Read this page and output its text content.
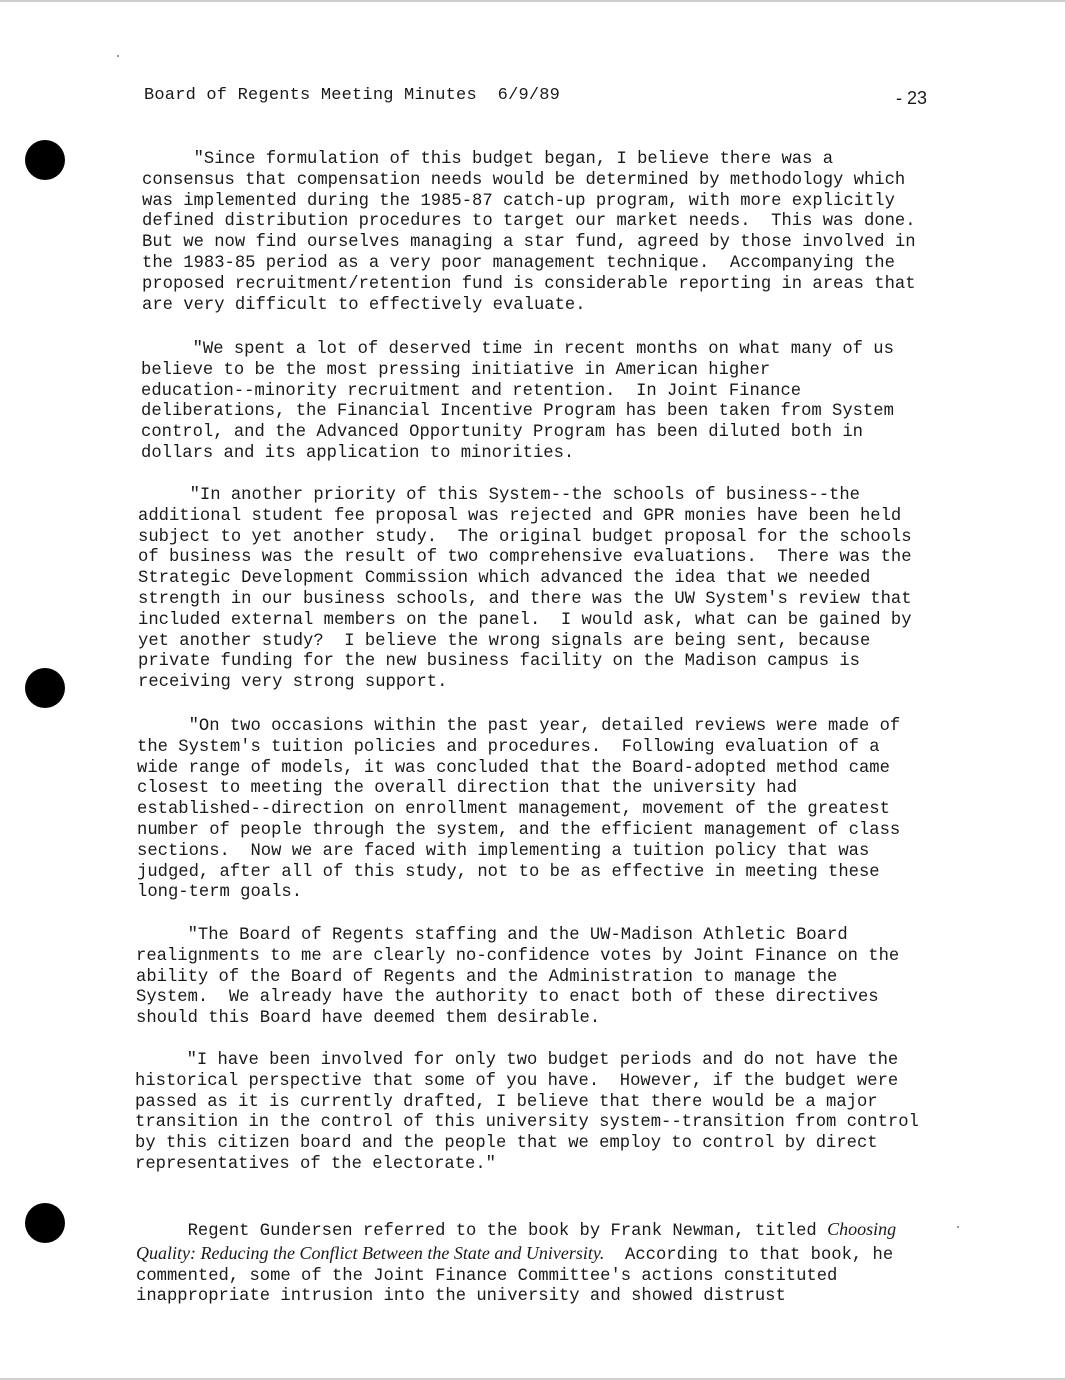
Board of Regents Meeting Minutes 6/9/89	- 23
"Since formulation of this budget began, I believe there was a
consensus that compensation needs would be determined by methodology which
was implemented during the 1985-87 catch-up program, with more explicitly
defined distribution procedures to target our market needs.  This was done.
But we now find ourselves managing a star fund, agreed by those involved in
the 1983-85 period as a very poor management technique.  Accompanying the
proposed recruitment/retention fund is considerable reporting in areas that
are very difficult to effectively evaluate.
"We spent a lot of deserved time in recent months on what many of us
believe to be the most pressing initiative in American higher
education--minority recruitment and retention.  In Joint Finance
deliberations, the Financial Incentive Program has been taken from System
control, and the Advanced Opportunity Program has been diluted both in
dollars and its application to minorities.
"In another priority of this System--the schools of business--the
additional student fee proposal was rejected and GPR monies have been held
subject to yet another study.  The original budget proposal for the schools
of business was the result of two comprehensive evaluations.  There was the
Strategic Development Commission which advanced the idea that we needed
strength in our business schools, and there was the UW System's review that
included external members on the panel.  I would ask, what can be gained by
yet another study?  I believe the wrong signals are being sent, because
private funding for the new business facility on the Madison campus is
receiving very strong support.
"On two occasions within the past year, detailed reviews were made of
the System's tuition policies and procedures.  Following evaluation of a
wide range of models, it was concluded that the Board-adopted method came
closest to meeting the overall direction that the university had
established--direction on enrollment management, movement of the greatest
number of people through the system, and the efficient management of class
sections.  Now we are faced with implementing a tuition policy that was
judged, after all of this study, not to be as effective in meeting these
long-term goals.
"The Board of Regents staffing and the UW-Madison Athletic Board
realignments to me are clearly no-confidence votes by Joint Finance on the
ability of the Board of Regents and the Administration to manage the
System.  We already have the authority to enact both of these directives
should this Board have deemed them desirable.
"I have been involved for only two budget periods and do not have the
historical perspective that some of you have.  However, if the budget were
passed as it is currently drafted, I believe that there would be a major
transition in the control of this university system--transition from control
by this citizen board and the people that we employ to control by direct
representatives of the electorate."
Regent Gundersen referred to the book by Frank Newman, titled Choosing
Quality: Reducing the Conflict Between the State and University.  According to that book, he
commented, some of the Joint Finance Committee's actions constituted
inappropriate intrusion into the university and showed distrust
